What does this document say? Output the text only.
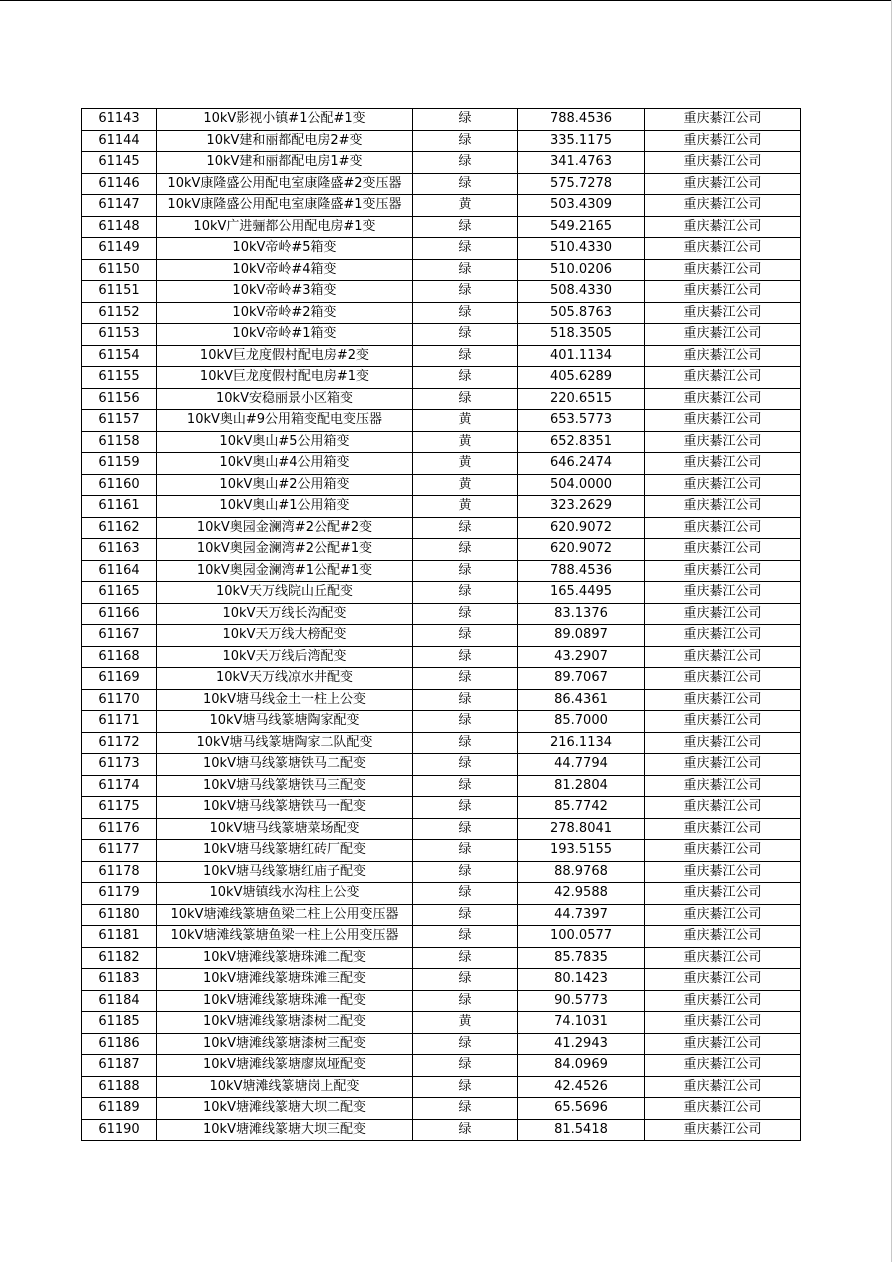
61143	10kV影视小镇#1公配#1变	绿	788.4536	重庆綦江公司
61144	10kV建和丽都配电房2#变	绿	335.1175	重庆綦江公司
61145	10kV建和丽都配电房1#变	绿	341.4763	重庆綦江公司
61146	10kV康隆盛公用配电室康隆盛#2变压器	绿	575.7278	重庆綦江公司
61147	10kV康隆盛公用配电室康隆盛#1变压器	黄	503.4309	重庆綦江公司
61148	10kV广进骊都公用配电房#1变	绿	549.2165	重庆綦江公司
61149	10kV帝岭#5箱变	绿	510.4330	重庆綦江公司
61150	10kV帝岭#4箱变	绿	510.0206	重庆綦江公司
61151	10kV帝岭#3箱变	绿	508.4330	重庆綦江公司
61152	10kV帝岭#2箱变	绿	505.8763	重庆綦江公司
61153	10kV帝岭#1箱变	绿	518.3505	重庆綦江公司
61154	10kV巨龙度假村配电房#2变	绿	401.1134	重庆綦江公司
61155	10kV巨龙度假村配电房#1变	绿	405.6289	重庆綦江公司
61156	10kV安稳丽景小区箱变	绿	220.6515	重庆綦江公司
61157	10kV奥山#9公用箱变配电变压器	黄	653.5773	重庆綦江公司
61158	10kV奥山#5公用箱变	黄	652.8351	重庆綦江公司
61159	10kV奥山#4公用箱变	黄	646.2474	重庆綦江公司
61160	10kV奥山#2公用箱变	黄	504.0000	重庆綦江公司
61161	10kV奥山#1公用箱变	黄	323.2629	重庆綦江公司
61162	10kV奥园金澜湾#2公配#2变	绿	620.9072	重庆綦江公司
61163	10kV奥园金澜湾#2公配#1变	绿	620.9072	重庆綦江公司
61164	10kV奥园金澜湾#1公配#1变	绿	788.4536	重庆綦江公司
61165	10kV天万线院山丘配变	绿	165.4495	重庆綦江公司
61166	10kV天万线长沟配变	绿	83.1376	重庆綦江公司
61167	10kV天万线大榜配变	绿	89.0897	重庆綦江公司
61168	10kV天万线后湾配变	绿	43.2907	重庆綦江公司
61169	10kV天万线凉水井配变	绿	89.7067	重庆綦江公司
61170	10kV塘马线金土一柱上公变	绿	86.4361	重庆綦江公司
61171	10kV塘马线篆塘陶家配变	绿	85.7000	重庆綦江公司
61172	10kV塘马线篆塘陶家二队配变	绿	216.1134	重庆綦江公司
61173	10kV塘马线篆塘铁马二配变	绿	44.7794	重庆綦江公司
61174	10kV塘马线篆塘铁马三配变	绿	81.2804	重庆綦江公司
61175	10kV塘马线篆塘铁马一配变	绿	85.7742	重庆綦江公司
61176	10kV塘马线篆塘菜场配变	绿	278.8041	重庆綦江公司
61177	10kV塘马线篆塘红砖厂配变	绿	193.5155	重庆綦江公司
61178	10kV塘马线篆塘红庙子配变	绿	88.9768	重庆綦江公司
61179	10kV塘镇线水沟柱上公变	绿	42.9588	重庆綦江公司
61180	10kV塘滩线篆塘鱼梁二柱上公用变压器	绿	44.7397	重庆綦江公司
61181	10kV塘滩线篆塘鱼梁一柱上公用变压器	绿	100.0577	重庆綦江公司
61182	10kV塘滩线篆塘珠滩二配变	绿	85.7835	重庆綦江公司
61183	10kV塘滩线篆塘珠滩三配变	绿	80.1423	重庆綦江公司
61184	10kV塘滩线篆塘珠滩一配变	绿	90.5773	重庆綦江公司
61185	10kV塘滩线篆塘漆树二配变	黄	74.1031	重庆綦江公司
61186	10kV塘滩线篆塘漆树三配变	绿	41.2943	重庆綦江公司
61187	10kV塘滩线篆塘廖岚垭配变	绿	84.0969	重庆綦江公司
61188	10kV塘滩线篆塘岗上配变	绿	42.4526	重庆綦江公司
61189	10kV塘滩线篆塘大坝二配变	绿	65.5696	重庆綦江公司
61190	10kV塘滩线篆塘大坝三配变	绿	81.5418	重庆綦江公司
